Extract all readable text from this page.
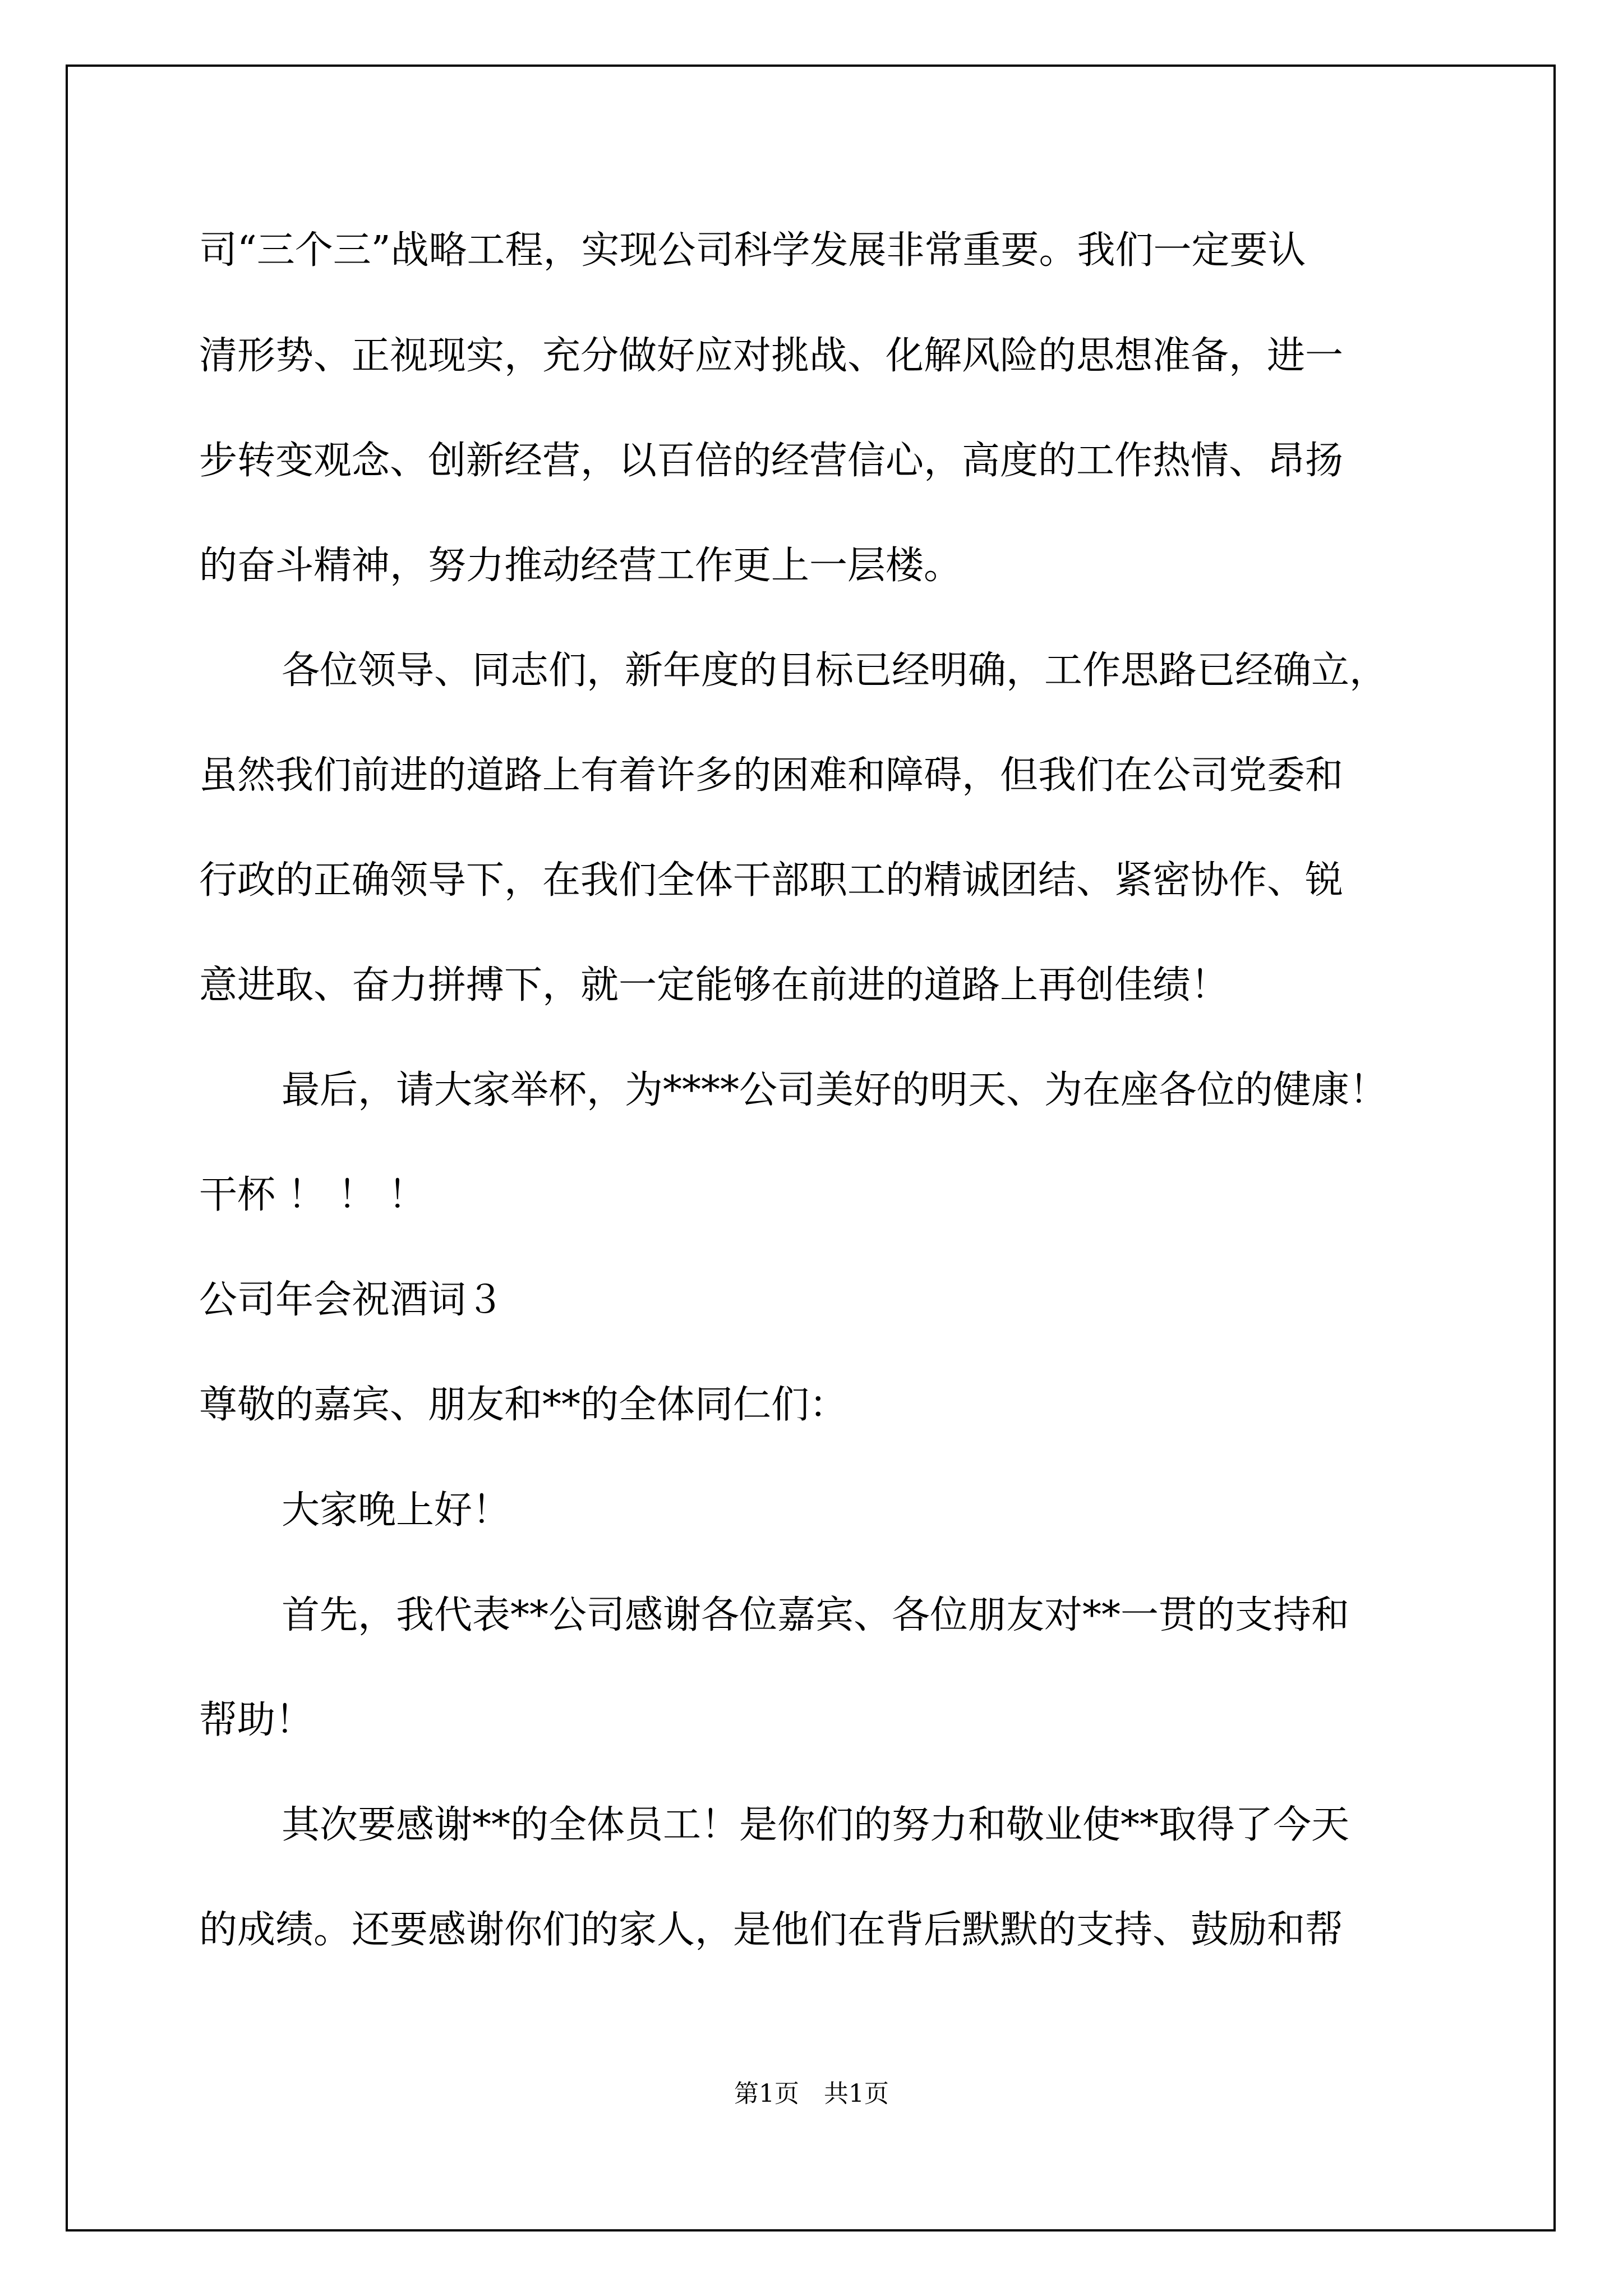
司“三个三”战略工程，实现公司科学发展非常重要。我们一定要认
清形势、正视现实，充分做好应对挑战、化解风险的思想准备，进一
步转变观念、创新经营，以百倍的经营信心，高度的工作热情、昂扬
的奋斗精神，努力推动经营工作更上一层楼。
各位领导、同志们，新年度的目标已经明确，工作思路已经确立，
虽然我们前进的道路上有着许多的困难和障碍，但我们在公司党委和
行政的正确领导下，在我们全体干部职工的精诚团结、紧密协作、锐
意进取、奋力拼搏下，就一定能够在前进的道路上再创佳绩！
最后，请大家举杯，为****公司美好的明天、为在座各位的健康！
干杯 ！ ！ ！
公司年会祝酒词３
尊敬的嘉宾、朋友和**的全体同仁们：
大家晚上好！
首先，我代表**公司感谢各位嘉宾、各位朋友对**一贯的支持和
帮助！
其次要感谢**的全体员工！是你们的努力和敬业使**取得了今天
的成绩。还要感谢你们的家人，是他们在背后默默的支持、鼓励和帮
第1页　共1页
